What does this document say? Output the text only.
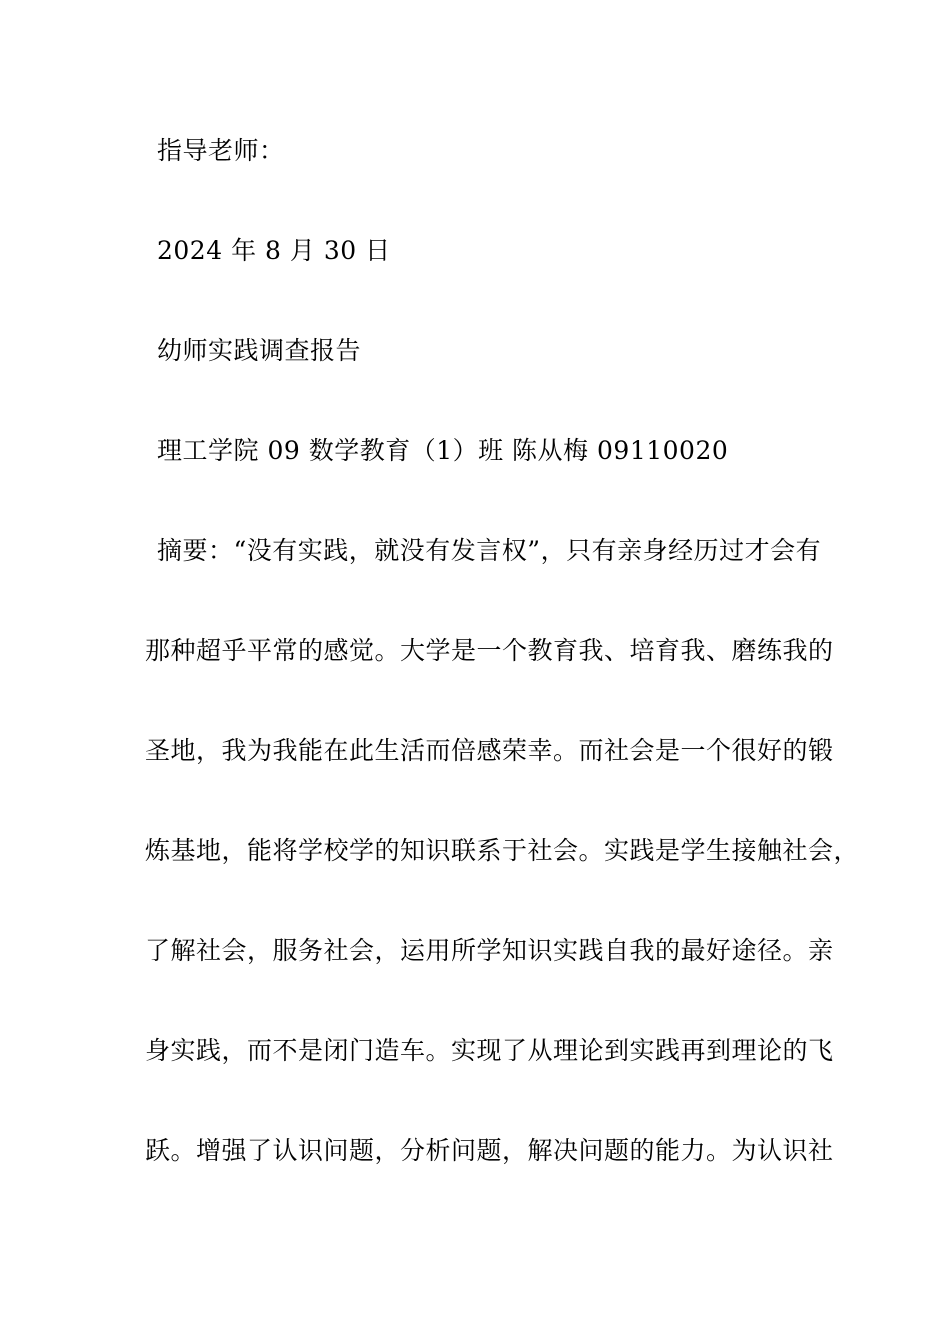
指导老师：
2024 年 8 月 30 日
幼师实践调查报告
理工学院 09 数学教育（1）班 陈从梅 09110020
摘要：“没有实践，就没有发言权”，只有亲身经历过才会有
那种超乎平常的感觉。大学是一个教育我、培育我、磨练我的
圣地，我为我能在此生活而倍感荣幸。而社会是一个很好的锻
炼基地，能将学校学的知识联系于社会。实践是学生接触社会，
了解社会，服务社会，运用所学知识实践自我的最好途径。亲
身实践，而不是闭门造车。实现了从理论到实践再到理论的飞
跃。增强了认识问题，分析问题，解决问题的能力。为认识社
